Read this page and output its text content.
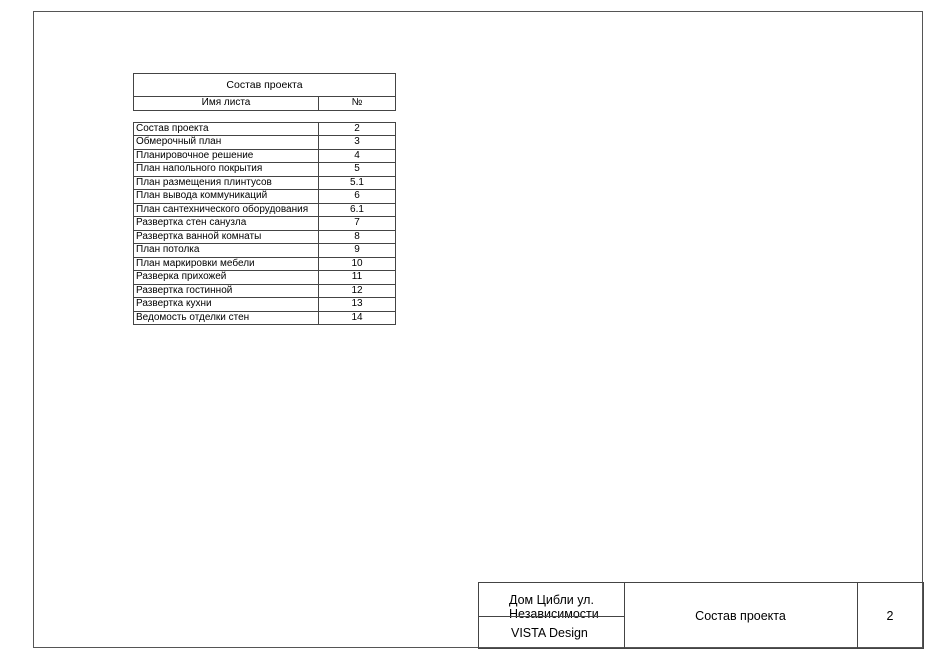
Состав проекта	
Имя листа	№

Состав проекта	2
Обмерочный план	3
Планировочное решение	4
План напольного покрытия	5
План размещения плинтусов	5.1
План вывода коммуникаций	6
План сантехнического оборудования	6.1
Развертка стен санузла	7
Развертка ванной комнаты	8
План потолка	9
План маркировки мебели	10
Разверка прихожей	11
Развертка гостинной	12
Развертка кухни	13
Ведомость отделки стен	14
Дом Цибли ул.
Независимости
VISTA Design
Состав проекта	2
